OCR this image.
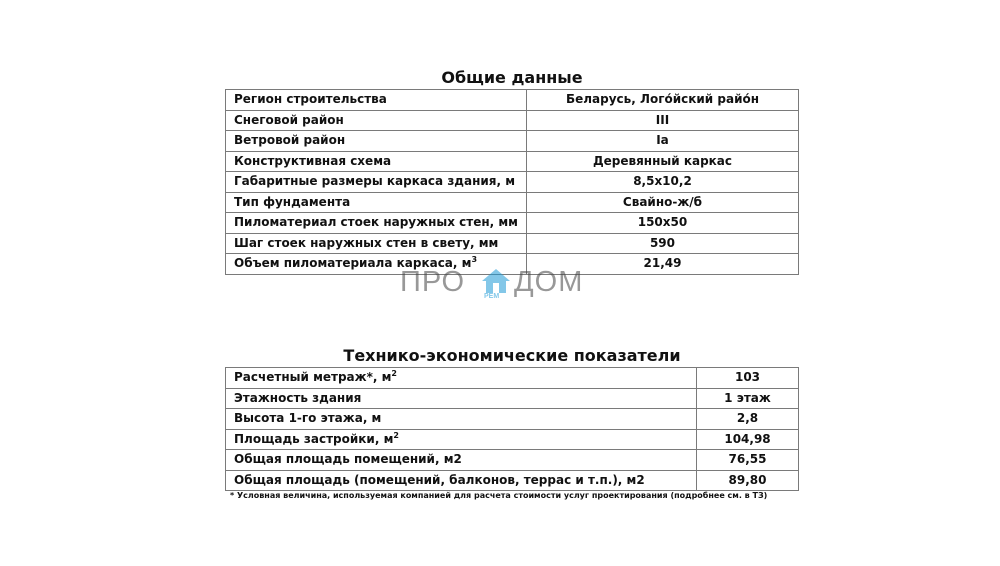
Общие данные
Регион строительства	Беларусь, Лого́йский райо́н
Снеговой район	III
Ветровой район	Ia
Конструктивная схема	Деревянный каркас
Габаритные размеры каркаса здания, м	8,5x10,2
Тип фундамента	Свайно-ж/б
Пиломатериал стоек наружных стен, мм	150x50
Шаг стоек наружных стен в свету, мм	590
Объем пиломатериала каркаса, $м^3$	21,49
ПРО	РЕМ ДОМ
Технико-экономические показатели
Расчетный метраж*, $м^2$	103
Этажность здания	1 этаж
Высота 1-го этажа, м	2,8
Площадь застройки, $м^2$	104,98
Общая площадь помещений, м2	76,55
Общая площадь (помещений, балконов, террас и т.п.), м2	89,80
* Условная величина, используемая компанией для расчета стоимости услуг проектирования (подробнее см. в ТЗ)
